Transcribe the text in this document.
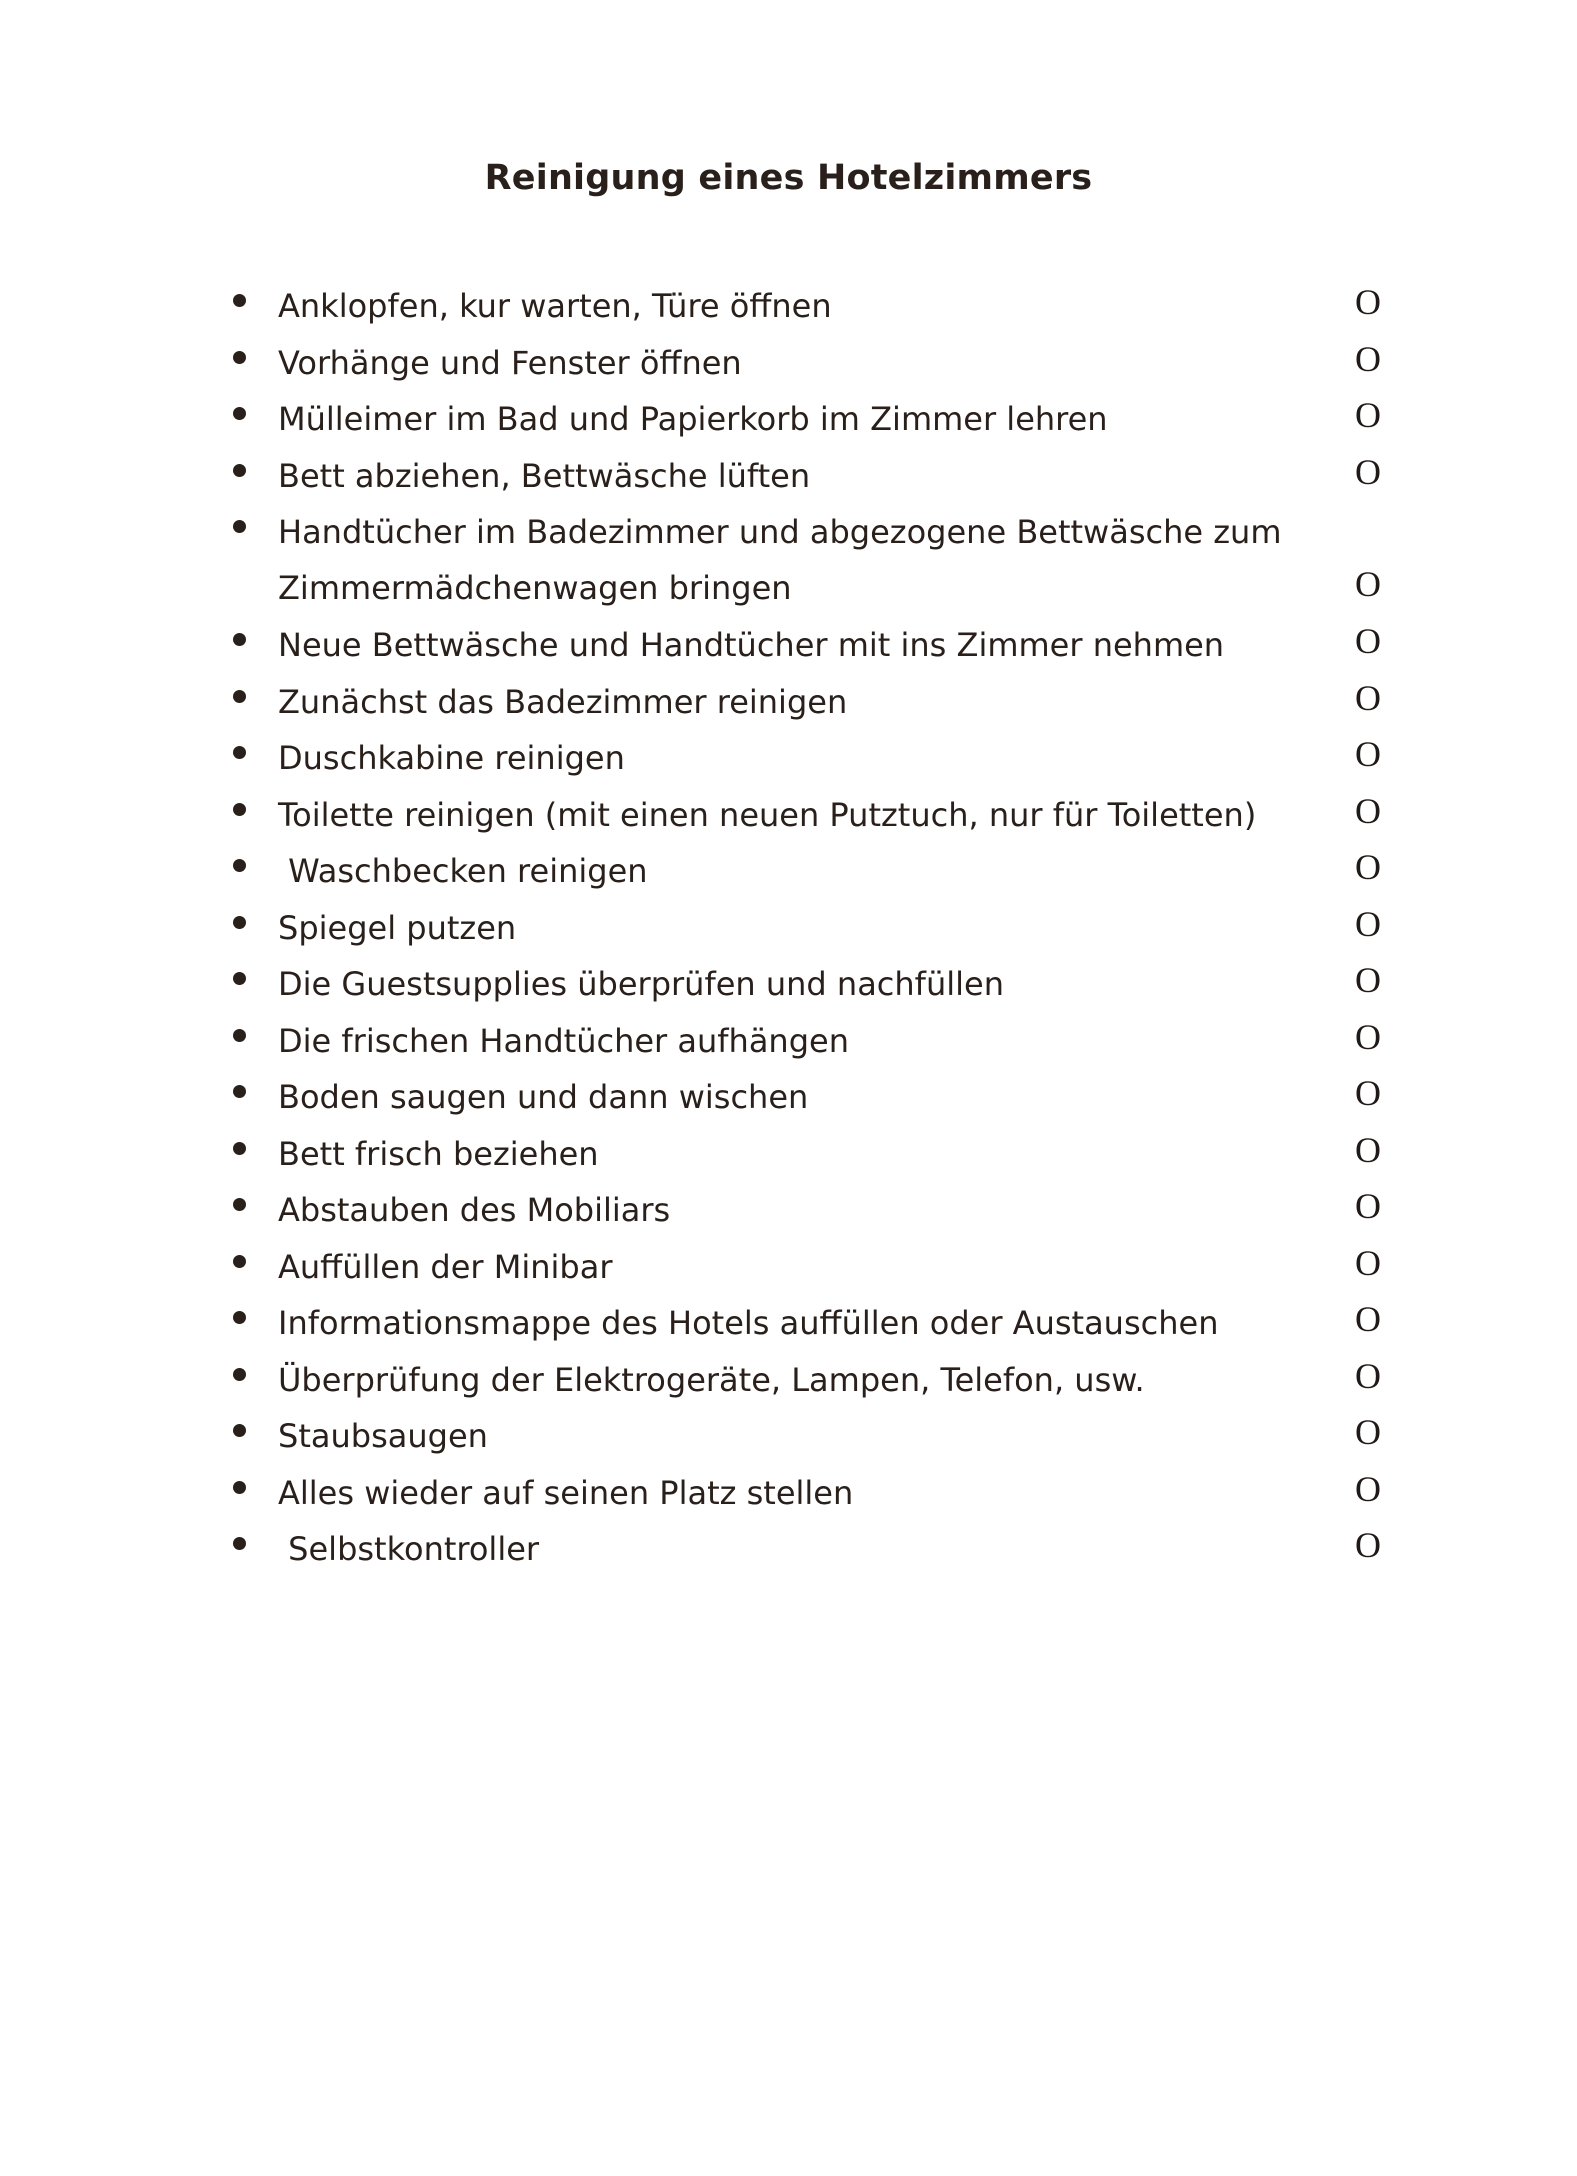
Reinigung eines Hotelzimmers
Anklopfen, kur warten, Türe öffnen	O
Vorhänge und Fenster öffnen	O
Mülleimer im Bad und Papierkorb im Zimmer lehren	O
Bett abziehen, Bettwäsche lüften	O
Handtücher im Badezimmer und abgezogene Bettwäsche zum
Zimmermädchenwagen bringen	O
Neue Bettwäsche und Handtücher mit ins Zimmer nehmen	O
Zunächst das Badezimmer reinigen	O
Duschkabine reinigen	O
Toilette reinigen (mit einen neuen Putztuch, nur für Toiletten)	O
Waschbecken reinigen	O
Spiegel putzen	O
Die Guestsupplies überprüfen und nachfüllen	O
Die frischen Handtücher aufhängen	O
Boden saugen und dann wischen	O
Bett frisch beziehen	O
Abstauben des Mobiliars	O
Auffüllen der Minibar	O
Informationsmappe des Hotels auffüllen oder Austauschen	O
Überprüfung der Elektrogeräte, Lampen, Telefon, usw.	O
Staubsaugen	O
Alles wieder auf seinen Platz stellen	O
Selbstkontroller	O
